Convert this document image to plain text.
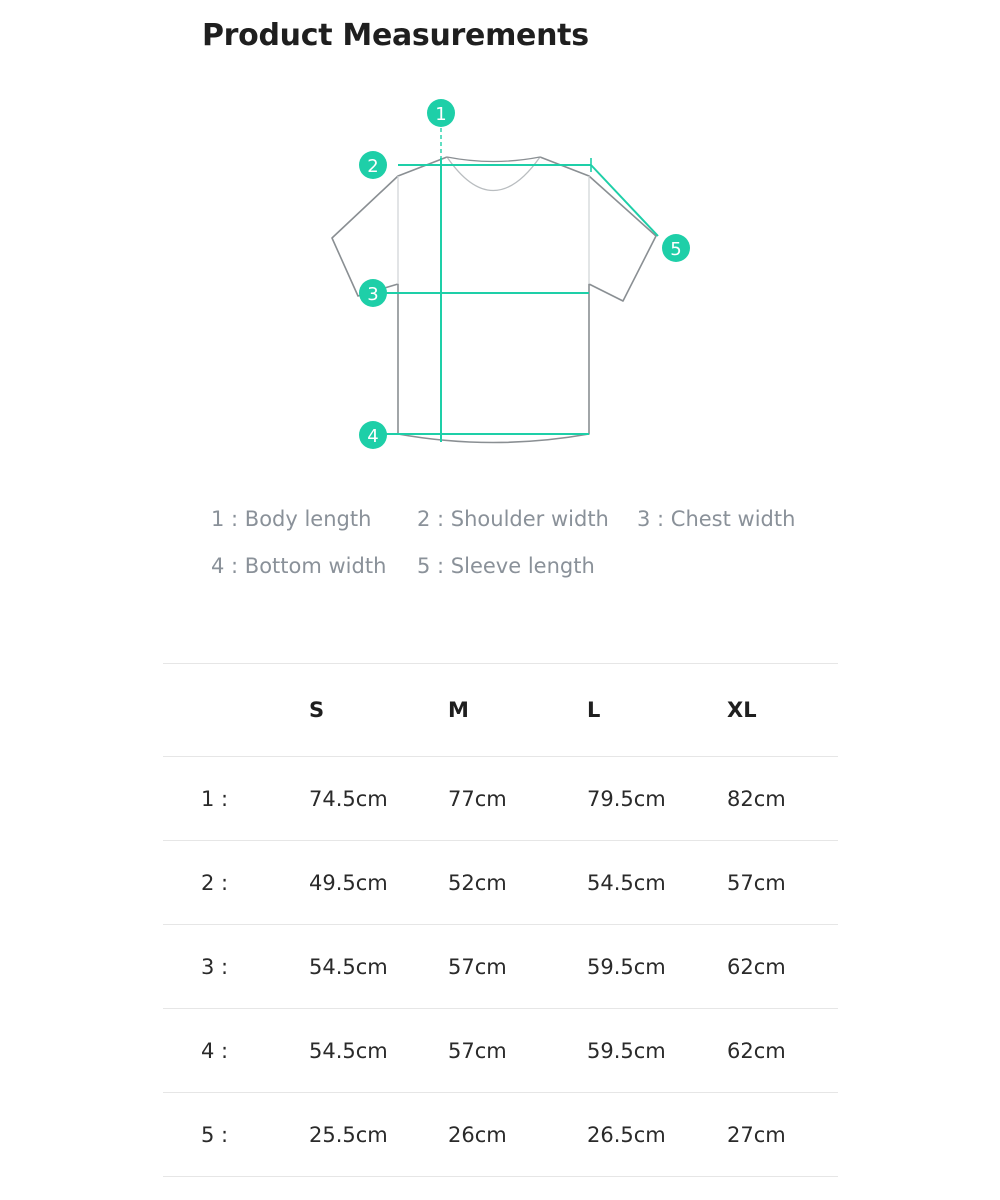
Product Measurements
1
2
3
4
5
1 : Body length 2 : Shoulder width 3 : Chest width
4 : Bottom width 5 : Sleeve length
	S	M	L	XL
1 :	74.5cm	77cm	79.5cm	82cm
2 :	49.5cm	52cm	54.5cm	57cm
3 :	54.5cm	57cm	59.5cm	62cm
4 :	54.5cm	57cm	59.5cm	62cm
5 :	25.5cm	26cm	26.5cm	27cm
